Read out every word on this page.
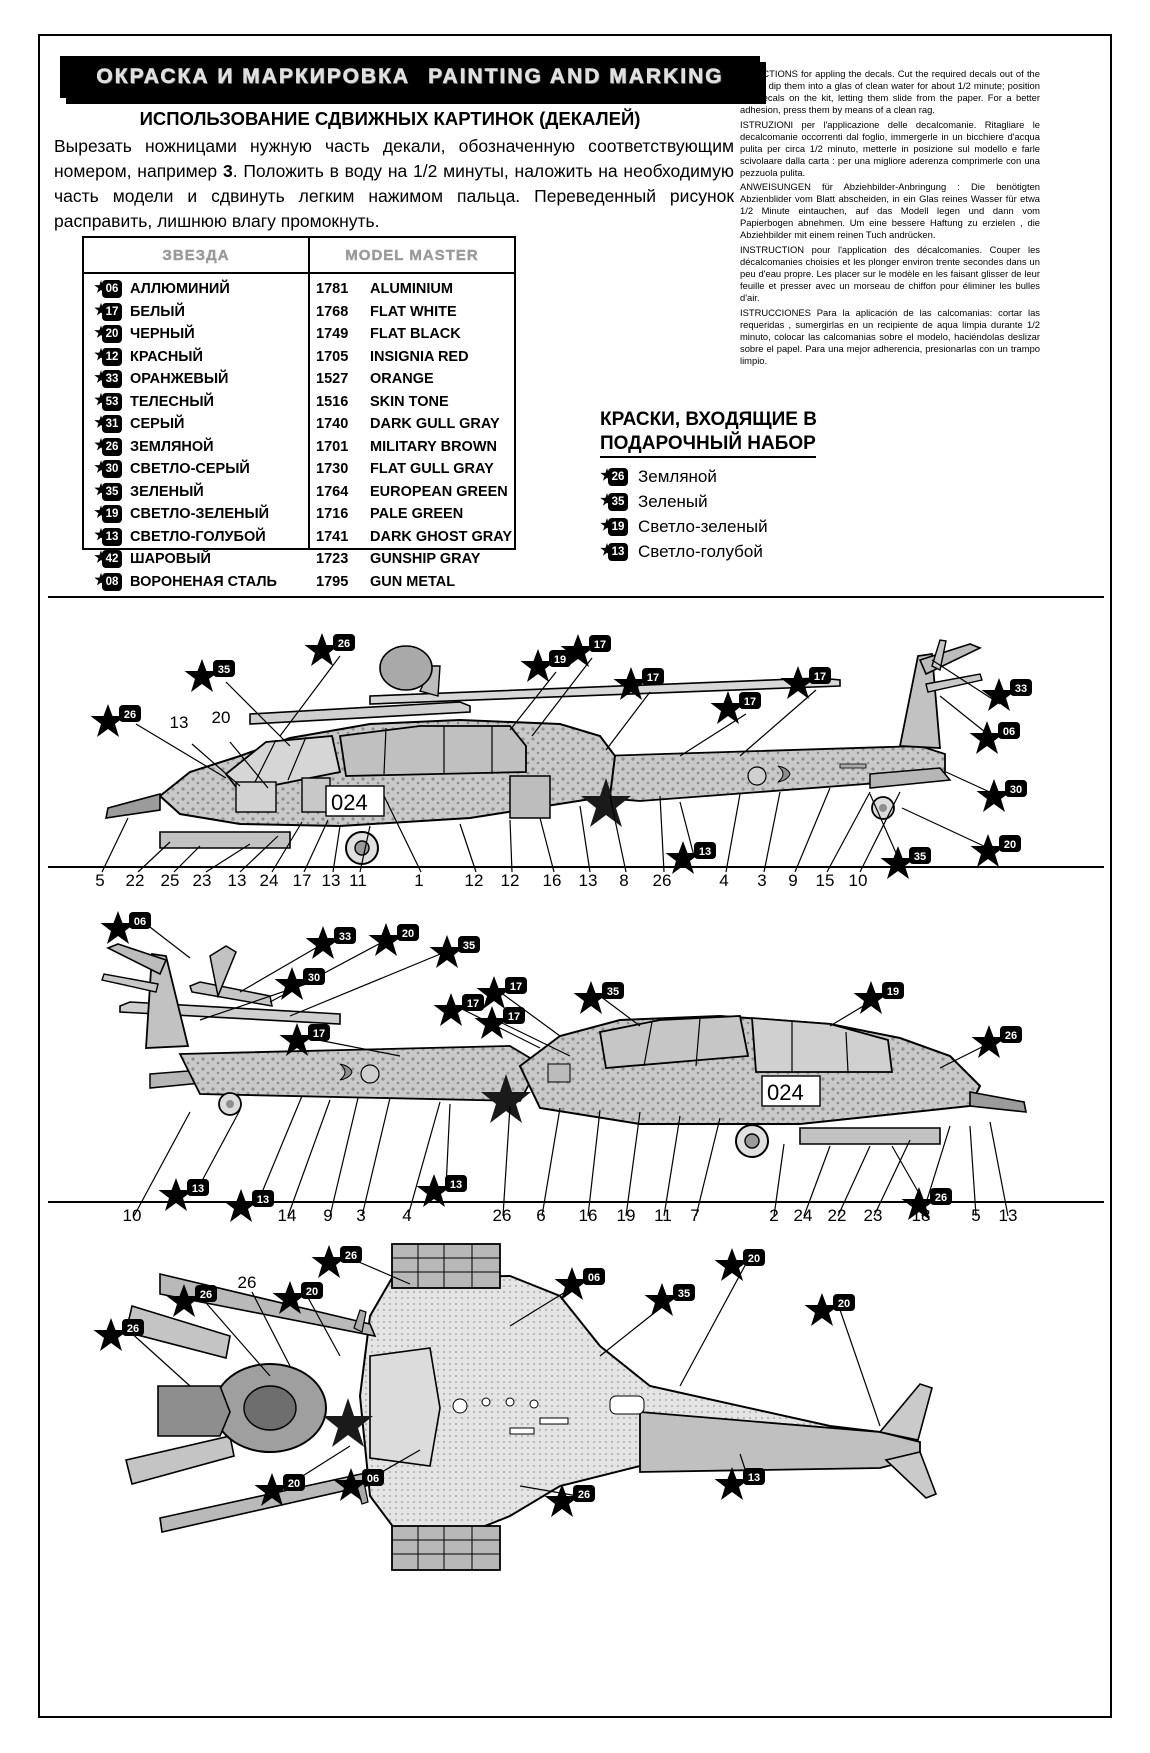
ОКРАСКА И МАРКИРОВКА PAINTING AND MARKING
ИСПОЛЬЗОВАНИЕ СДВИЖНЫХ КАРТИНОК (ДЕКАЛЕЙ)
Вырезать ножницами нужную часть декали, обозначенную соответствующим номером, например 3. Положить в воду на 1/2 минуты, наложить на необходимую часть модели и сдвинуть легким нажимом пальца. Переведенный рисунок расправить, лишнюю влагу промокнуть.

DIRECTIONS for appling the decals. Cut the required decals out of the sheet: dip them into a glas of clean water for about 1/2 minute; position the decals on the kit, letting them slide from the paper. For a better adhesion, press them by means of a clean rag.

ISTRUZIONI per l'applicazione delle decalcomanie. Ritagliare le decalcomanie occorrenti dal foglio, immergerle in un bicchiere d'acqua pulita per circa 1/2 minuto, metterle in posizione sul modello e farle scivolaare dalla carta : per una migliore aderenza comprimerle con una pezzuola pulita.

ANWEISUNGEN für Abziehbilder-Anbringung : Die benötigten Abzienblider vom Blatt abscheiden, in ein Glas reines Wasser für etwa 1/2 Minute eintauchen, auf das Modell legen und dann vom Papierbogen abnehmen. Um eine bessere Haftung zu erzielen , die Abziehbilder mit einem reinen Tuch andrücken.

INSTRUCTION pour l'application des décalcomanies. Couper les décalcomanies choisies et les plonger environ trente secondes dans un peu d'eau propre. Les placer sur le modèle en les faisant glisser de leur feuille et presser avec un morseau de chiffon pour éliminer les bulles d'air.

ISTRUCCIONES Para la aplicación de las calcomanias: cortar las requeridas , sumergirlas en un recipiente de aqua limpia durante 1/2 minuto, colocar las calcomanias sobre el modelo, haciéndolas deslizar sobre el papel. Para una mejor adherencia, presionarlas con un trampo limpio.

ЗВЕЗДА	MODEL MASTER
06 АЛЛЮМИНИЙ	1781	ALUMINIUM
17 БЕЛЫЙ	1768	FLAT WHITE
20 ЧЕРНЫЙ	1749	FLAT BLACK
12 КРАСНЫЙ	1705	INSIGNIA RED
33 ОРАНЖЕВЫЙ	1527	ORANGE
53 ТЕЛЕСНЫЙ	1516	SKIN TONE
31 СЕРЫЙ	1740	DARK GULL GRAY
26 ЗЕМЛЯНОЙ	1701	MILITARY BROWN
30 СВЕТЛО-СЕРЫЙ	1730	FLAT GULL GRAY
35 ЗЕЛЕНЫЙ	1764	EUROPEAN GREEN
19 СВЕТЛО-ЗЕЛЕНЫЙ	1716	PALE GREEN
13 СВЕТЛО-ГОЛУБОЙ	1741	DARK GHOST GRAY
42 ШАРОВЫЙ	1723	GUNSHIP GRAY
08 ВОРОНЕНАЯ СТАЛЬ	1795	GUN METAL
КРАСКИ, ВХОДЯЩИЕ В
ПОДАРОЧНЫЙ НАБОР
26 Земляной
35 Зеленый
19 Светло-зеленый
13 Светло-голубой
024
024
26
35
26
19
17
17
17
17
33
06
30
20
35
13
13 20
5 22 25 23 13 24 17 13 11	1 12 12 16 13 8 26	4 3 9 15 10
06
33	20
35
30
17
17
17
17
35	19
26
13
13
13
26
10	14 9 3 4	26 6 16 19 11 7	2 24 22 23 18 5 13
26
26	20
06
35
26
20
20
20	06
26
13
26
